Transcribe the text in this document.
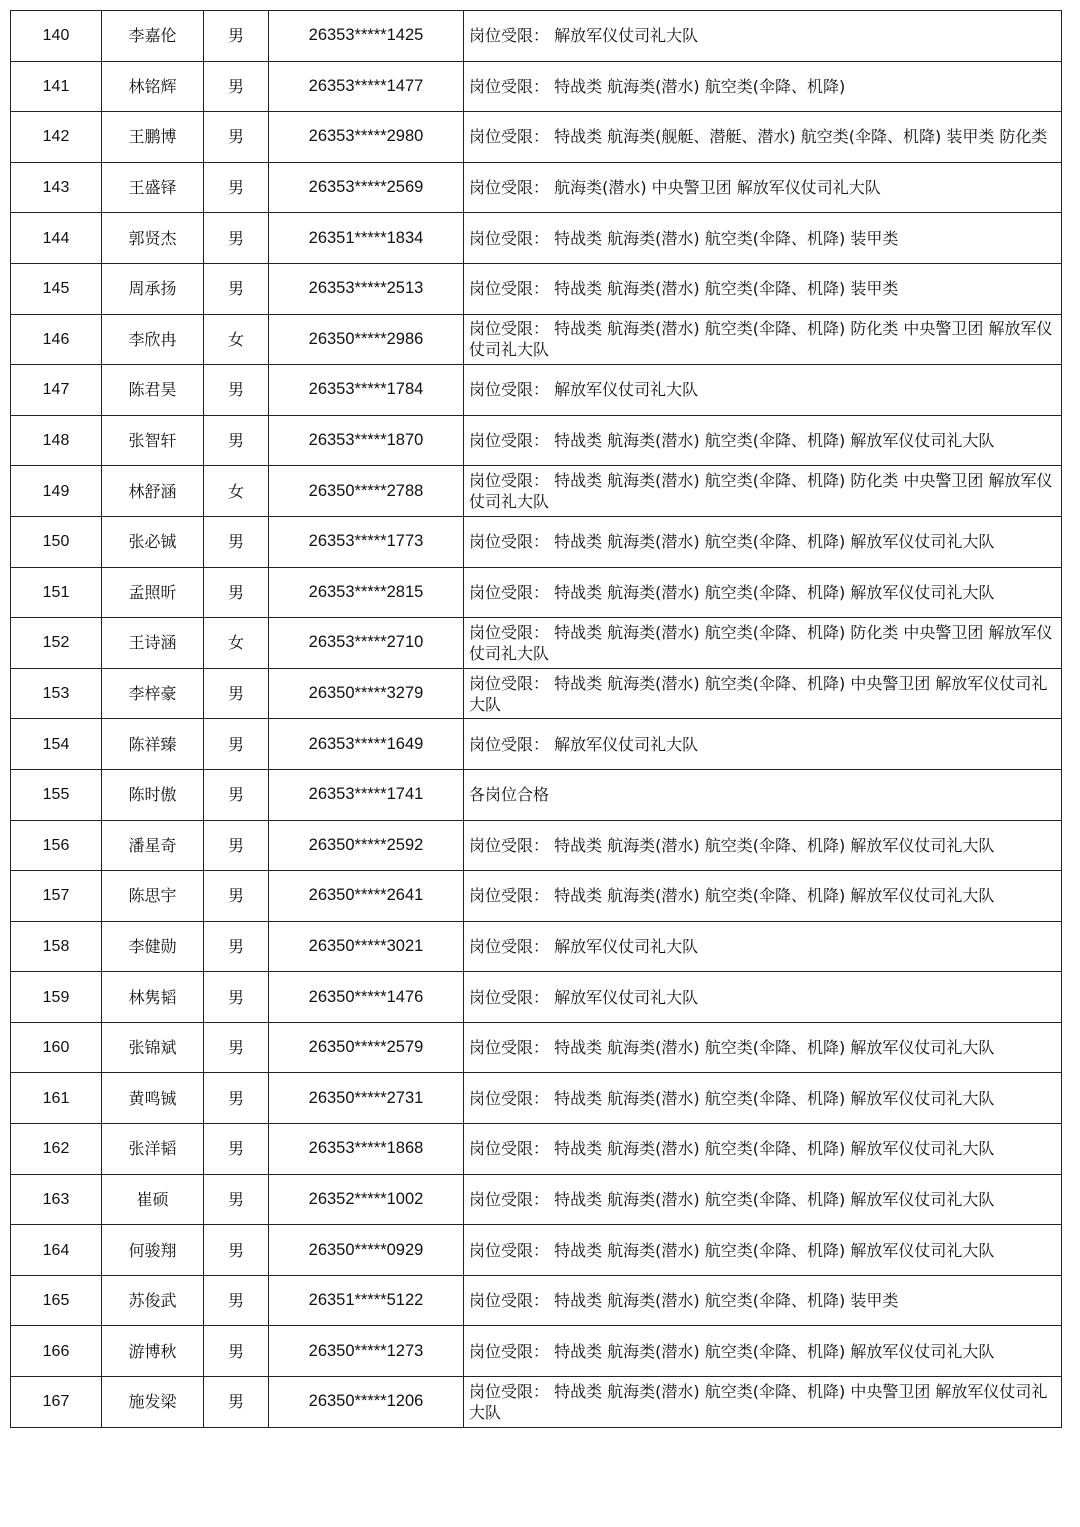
140	李嘉伦	男	26353*****1425	岗位受限： 解放军仪仗司礼大队

141	林铭辉	男	26353*****1477	岗位受限： 特战类 航海类(潜水) 航空类(伞降、机降)

142	王鹏博	男	26353*****2980	岗位受限： 特战类 航海类(舰艇、潜艇、潜水) 航空类(伞降、机降) 装甲类 防化类

143	王盛铎	男	26353*****2569	岗位受限： 航海类(潜水) 中央警卫团 解放军仪仗司礼大队

144	郭贤杰	男	26351*****1834	岗位受限： 特战类 航海类(潜水) 航空类(伞降、机降) 装甲类

145	周承扬	男	26353*****2513	岗位受限： 特战类 航海类(潜水) 航空类(伞降、机降) 装甲类

146	李欣冉	女	26350*****2986	岗位受限： 特战类 航海类(潜水) 航空类(伞降、机降) 防化类 中央警卫团 解放军仪仗司礼大队

147	陈君昊	男	26353*****1784	岗位受限： 解放军仪仗司礼大队

148	张智轩	男	26353*****1870	岗位受限： 特战类 航海类(潜水) 航空类(伞降、机降) 解放军仪仗司礼大队

149	林舒涵	女	26350*****2788	岗位受限： 特战类 航海类(潜水) 航空类(伞降、机降) 防化类 中央警卫团 解放军仪仗司礼大队

150	张必铖	男	26353*****1773	岗位受限： 特战类 航海类(潜水) 航空类(伞降、机降) 解放军仪仗司礼大队

151	孟照昕	男	26353*****2815	岗位受限： 特战类 航海类(潜水) 航空类(伞降、机降) 解放军仪仗司礼大队

152	王诗涵	女	26353*****2710	岗位受限： 特战类 航海类(潜水) 航空类(伞降、机降) 防化类 中央警卫团 解放军仪仗司礼大队

153	李梓豪	男	26350*****3279	岗位受限： 特战类 航海类(潜水) 航空类(伞降、机降) 中央警卫团 解放军仪仗司礼大队

154	陈祥臻	男	26353*****1649	岗位受限： 解放军仪仗司礼大队

155	陈时傲	男	26353*****1741	各岗位合格

156	潘星奇	男	26350*****2592	岗位受限： 特战类 航海类(潜水) 航空类(伞降、机降) 解放军仪仗司礼大队

157	陈思宇	男	26350*****2641	岗位受限： 特战类 航海类(潜水) 航空类(伞降、机降) 解放军仪仗司礼大队

158	李健勋	男	26350*****3021	岗位受限： 解放军仪仗司礼大队

159	林隽韬	男	26350*****1476	岗位受限： 解放军仪仗司礼大队

160	张锦斌	男	26350*****2579	岗位受限： 特战类 航海类(潜水) 航空类(伞降、机降) 解放军仪仗司礼大队

161	黄鸣铖	男	26350*****2731	岗位受限： 特战类 航海类(潜水) 航空类(伞降、机降) 解放军仪仗司礼大队

162	张洋韬	男	26353*****1868	岗位受限： 特战类 航海类(潜水) 航空类(伞降、机降) 解放军仪仗司礼大队

163	崔硕	男	26352*****1002	岗位受限： 特战类 航海类(潜水) 航空类(伞降、机降) 解放军仪仗司礼大队

164	何骏翔	男	26350*****0929	岗位受限： 特战类 航海类(潜水) 航空类(伞降、机降) 解放军仪仗司礼大队

165	苏俊武	男	26351*****5122	岗位受限： 特战类 航海类(潜水) 航空类(伞降、机降) 装甲类

166	游博秋	男	26350*****1273	岗位受限： 特战类 航海类(潜水) 航空类(伞降、机降) 解放军仪仗司礼大队

167	施发梁	男	26350*****1206	岗位受限： 特战类 航海类(潜水) 航空类(伞降、机降) 中央警卫团 解放军仪仗司礼大队
